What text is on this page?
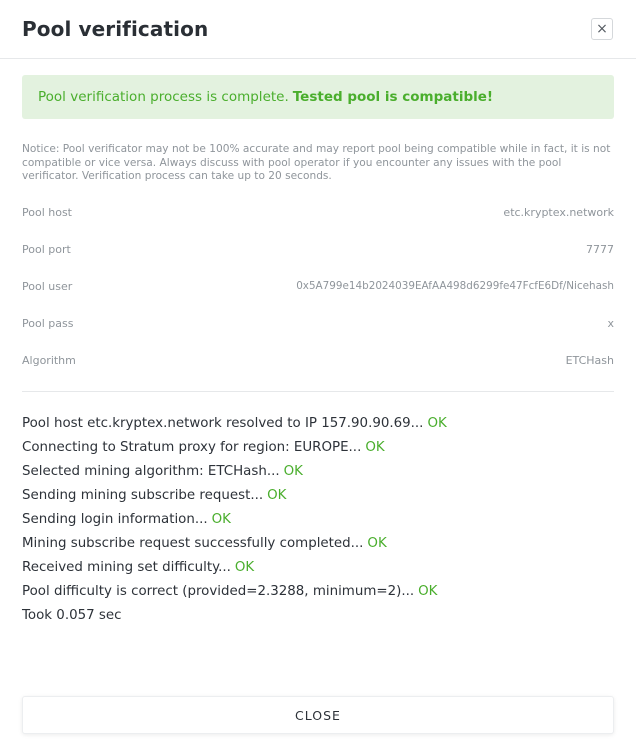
Pool verification	×
Pool verification process is complete. Tested pool is compatible!
Notice: Pool verificator may not be 100% accurate and may report pool being compatible while in fact, it is not compatible or vice versa. Always discuss with pool operator if you encounter any issues with the pool verificator. Verification process can take up to 20 seconds.
Pool host	etc.kryptex.network
Pool port	7777
Pool user	0x5A799e14b2024039EAfAA498d6299fe47FcfE6Df/Nicehash
Pool pass	x
Algorithm	ETCHash
Pool host etc.kryptex.network resolved to IP 157.90.90.69... OK
Connecting to Stratum proxy for region: EUROPE... OK
Selected mining algorithm: ETCHash... OK
Sending mining subscribe request... OK
Sending login information... OK
Mining subscribe request successfully completed... OK
Received mining set difficulty... OK
Pool difficulty is correct (provided=2.3288, minimum=2)... OK
Took 0.057 sec
CLOSE
